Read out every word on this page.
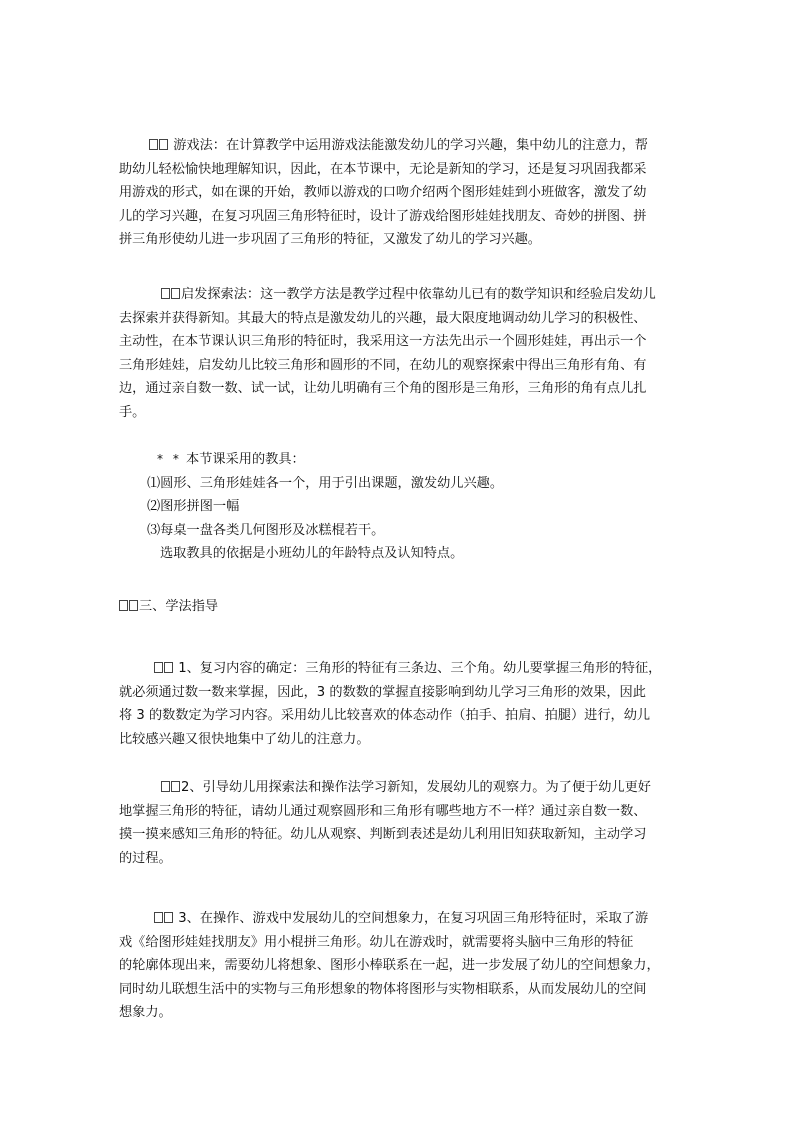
游戏法：在计算教学中运用游戏法能激发幼儿的学习兴趣，集中幼儿的注意力，帮
助幼儿轻松愉快地理解知识，因此，在本节课中，无论是新知的学习，还是复习巩固我都采
用游戏的形式，如在课的开始，教师以游戏的口吻介绍两个图形娃娃到小班做客，激发了幼
儿的学习兴趣，在复习巩固三角形特征时，设计了游戏给图形娃娃找朋友、奇妙的拼图、拼
拼三角形使幼儿进一步巩固了三角形的特征，又激发了幼儿的学习兴趣。
启发探索法：这一教学方法是教学过程中依靠幼儿已有的数学知识和经验启发幼儿
去探索并获得新知。其最大的特点是激发幼儿的兴趣，最大限度地调动幼儿学习的积极性、
主动性，在本节课认识三角形的特征时，我采用这一方法先出示一个圆形娃娃，再出示一个
三角形娃娃，启发幼儿比较三角形和圆形的不同，在幼儿的观察探索中得出三角形有角、有
边，通过亲自数一数、试一试，让幼儿明确有三个角的图形是三角形，三角形的角有点儿扎
手。
* * 本节课采用的教具：
⑴圆形、三角形娃娃各一个，用于引出课题，激发幼儿兴趣。
⑵图形拼图一幅
⑶每桌一盘各类几何图形及冰糕棍若干。
选取教具的依据是小班幼儿的年龄特点及认知特点。
三、学法指导
1、复习内容的确定：三角形的特征有三条边、三个角。幼儿要掌握三角形的特征，
就必须通过数一数来掌握，因此，3 的数数的掌握直接影响到幼儿学习三角形的效果，因此
将 3 的数数定为学习内容。采用幼儿比较喜欢的体态动作（拍手、拍肩、拍腿）进行，幼儿
比较感兴趣又很快地集中了幼儿的注意力。
2、引导幼儿用探索法和操作法学习新知，发展幼儿的观察力。为了便于幼儿更好
地掌握三角形的特征，请幼儿通过观察圆形和三角形有哪些地方不一样？通过亲自数一数、
摸一摸来感知三角形的特征。幼儿从观察、判断到表述是幼儿利用旧知获取新知，主动学习
的过程。
3、在操作、游戏中发展幼儿的空间想象力，在复习巩固三角形特征时，采取了游
戏《给图形娃娃找朋友》用小棍拼三角形。幼儿在游戏时，就需要将头脑中三角形的特征
的轮廓体现出来，需要幼儿将想象、图形小棒联系在一起，进一步发展了幼儿的空间想象力，
同时幼儿联想生活中的实物与三角形想象的物体将图形与实物相联系，从而发展幼儿的空间
想象力。
